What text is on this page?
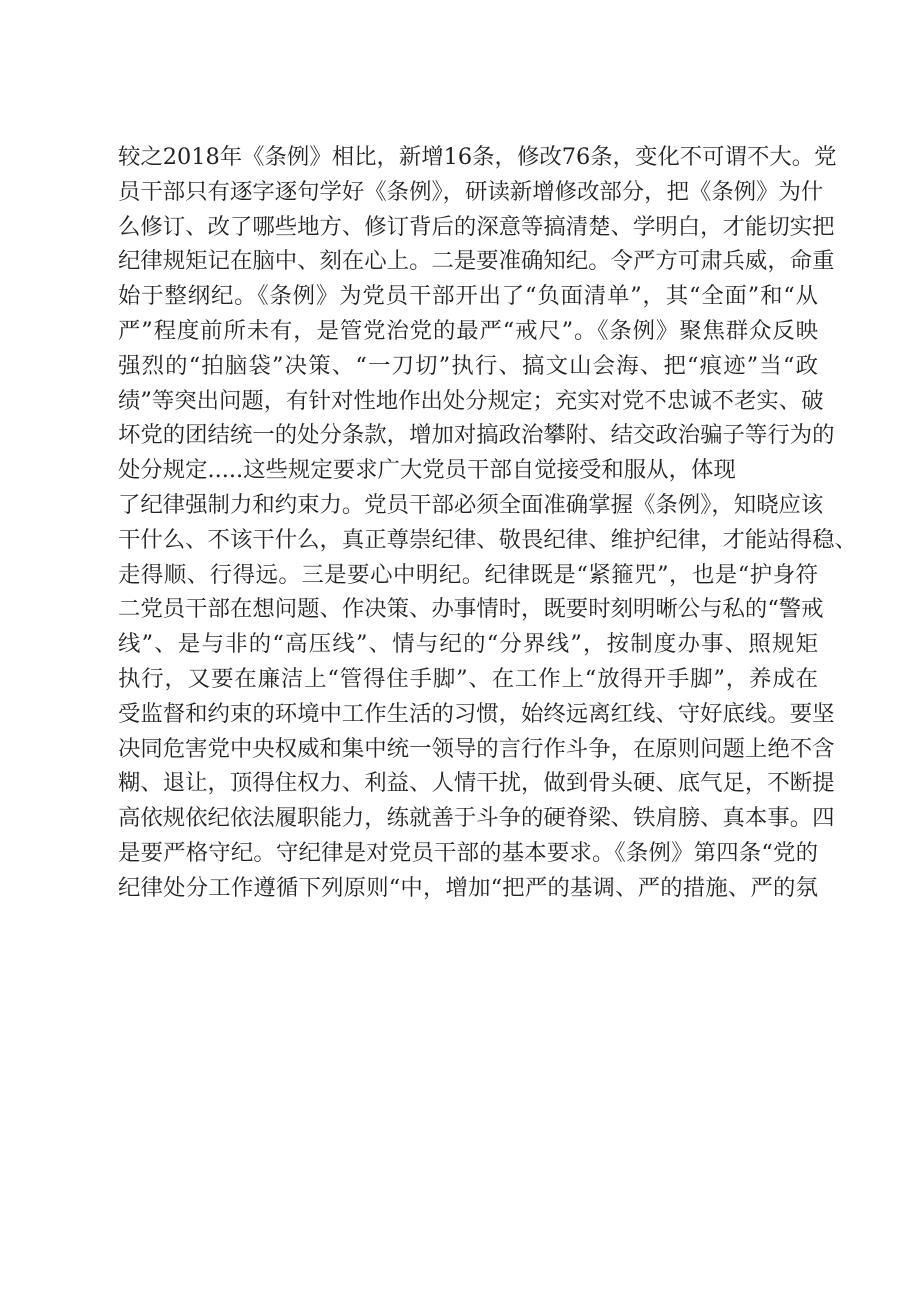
较之2018年《条例》相比，新增16条，修改76条，变化不可谓不大。党
员干部只有逐字逐句学好《条例》，研读新增修改部分，把《条例》为什
么修订、改了哪些地方、修订背后的深意等搞清楚、学明白，才能切实把
纪律规矩记在脑中、刻在心上。二是要准确知纪。令严方可肃兵威，命重
始于整纲纪。《条例》为党员干部开出了“负面清单”，其“全面”和“从
严”程度前所未有，是管党治党的最严“戒尺”。《条例》聚焦群众反映
强烈的“拍脑袋”决策、“一刀切”执行、搞文山会海、把“痕迹”当“政
绩”等突出问题，有针对性地作出处分规定；充实对党不忠诚不老实、破
坏党的团结统一的处分条款，增加对搞政治攀附、结交政治骗子等行为的
处分规定.....这些规定要求广大党员干部自觉接受和服从，体现
了纪律强制力和约束力。党员干部必须全面准确掌握《条例》，知晓应该
干什么、不该干什么，真正尊崇纪律、敬畏纪律、维护纪律，才能站得稳、
走得顺、行得远。三是要心中明纪。纪律既是“紧箍咒”，也是“护身符
二党员干部在想问题、作决策、办事情时，既要时刻明晰公与私的“警戒
线”、是与非的“高压线”、情与纪的“分界线”，按制度办事、照规矩
执行，又要在廉洁上“管得住手脚”、在工作上“放得开手脚”，养成在
受监督和约束的环境中工作生活的习惯，始终远离红线、守好底线。要坚
决同危害党中央权威和集中统一领导的言行作斗争，在原则问题上绝不含
糊、退让，顶得住权力、利益、人情干扰，做到骨头硬、底气足，不断提
高依规依纪依法履职能力，练就善于斗争的硬脊梁、铁肩膀、真本事。四
是要严格守纪。守纪律是对党员干部的基本要求。《条例》第四条“党的
纪律处分工作遵循下列原则“中，增加“把严的基调、严的措施、严的氛
